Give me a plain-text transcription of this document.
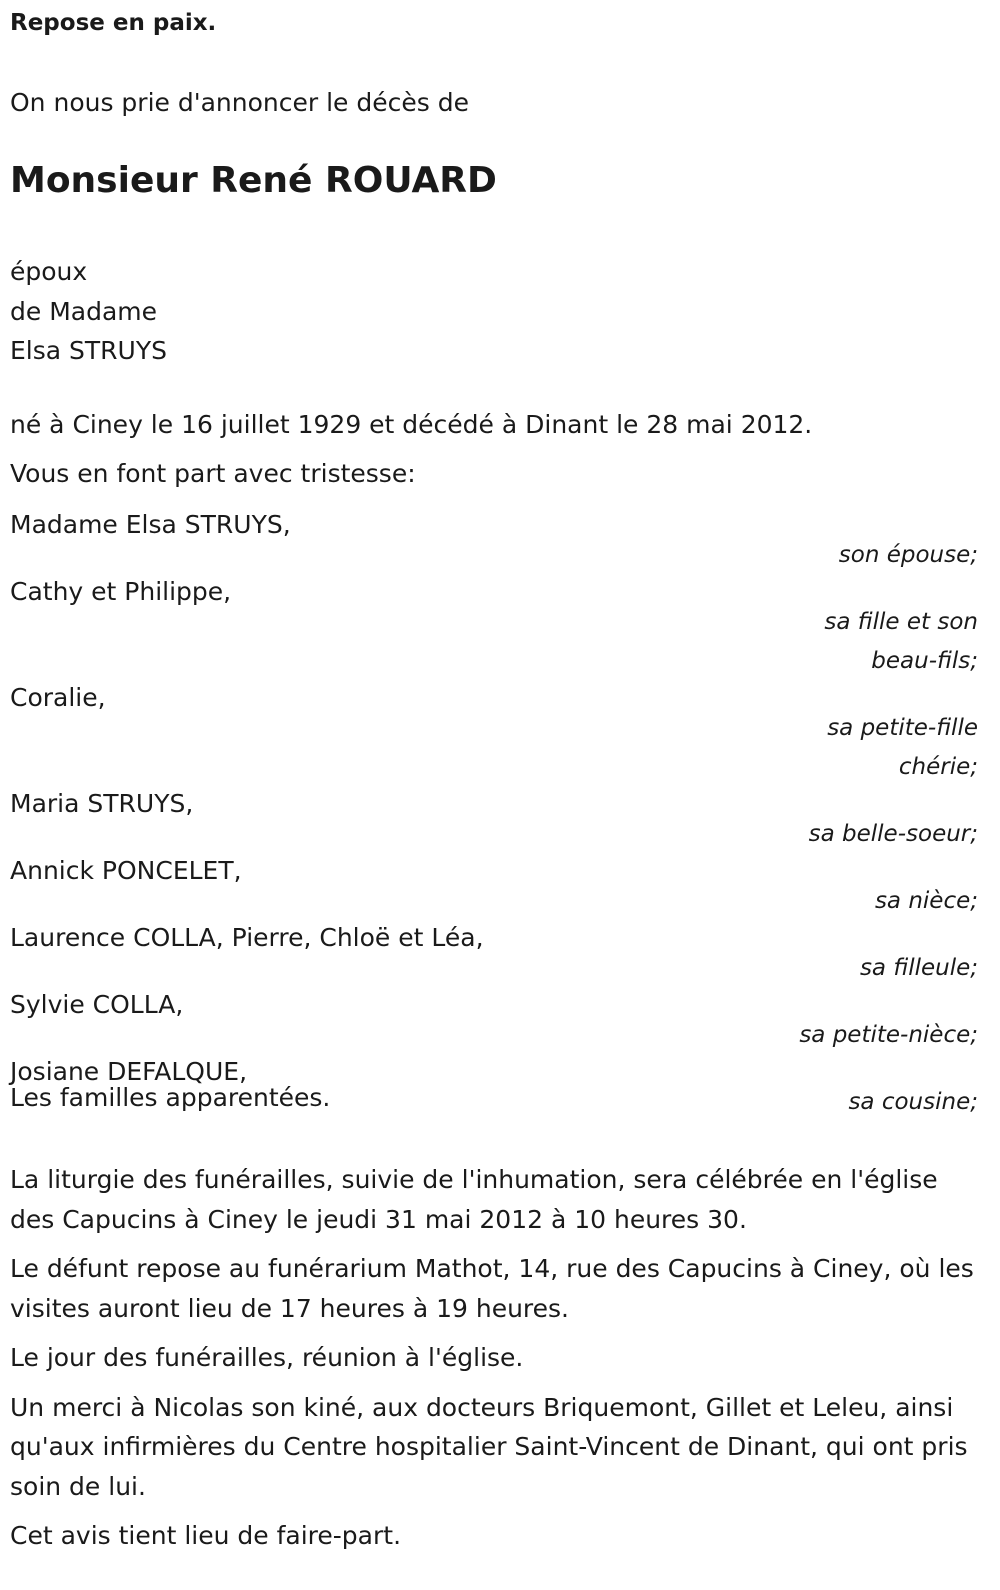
Repose en paix.
On nous prie d'annoncer le décès de
Monsieur René ROUARD
époux
de Madame
Elsa STRUYS
né à Ciney le 16 juillet 1929 et décédé à Dinant le 28 mai 2012.
Vous en font part avec tristesse:
Madame Elsa STRUYS,
son épouse;
Cathy et Philippe,
sa fille et son beau-fils;
Coralie,
sa petite-fille chérie;
Maria STRUYS,
sa belle-soeur;
Annick PONCELET,
sa nièce;
Laurence COLLA, Pierre, Chloë et Léa,
sa filleule;
Sylvie COLLA,
sa petite-nièce;
Josiane DEFALQUE,
sa cousine;
Les familles apparentées.

La liturgie des funérailles, suivie de l'inhumation, sera célébrée en l'église des Capucins à Ciney le jeudi 31 mai 2012 à 10 heures 30.

Le défunt repose au funérarium Mathot, 14, rue des Capucins à Ciney, où les visites auront lieu de 17 heures à 19 heures.

Le jour des funérailles, réunion à l'église.

Un merci à Nicolas son kiné, aux docteurs Briquemont, Gillet et Leleu, ainsi qu'aux infirmières du Centre hospitalier Saint-Vincent de Dinant, qui ont pris soin de lui.

Cet avis tient lieu de faire-part.
